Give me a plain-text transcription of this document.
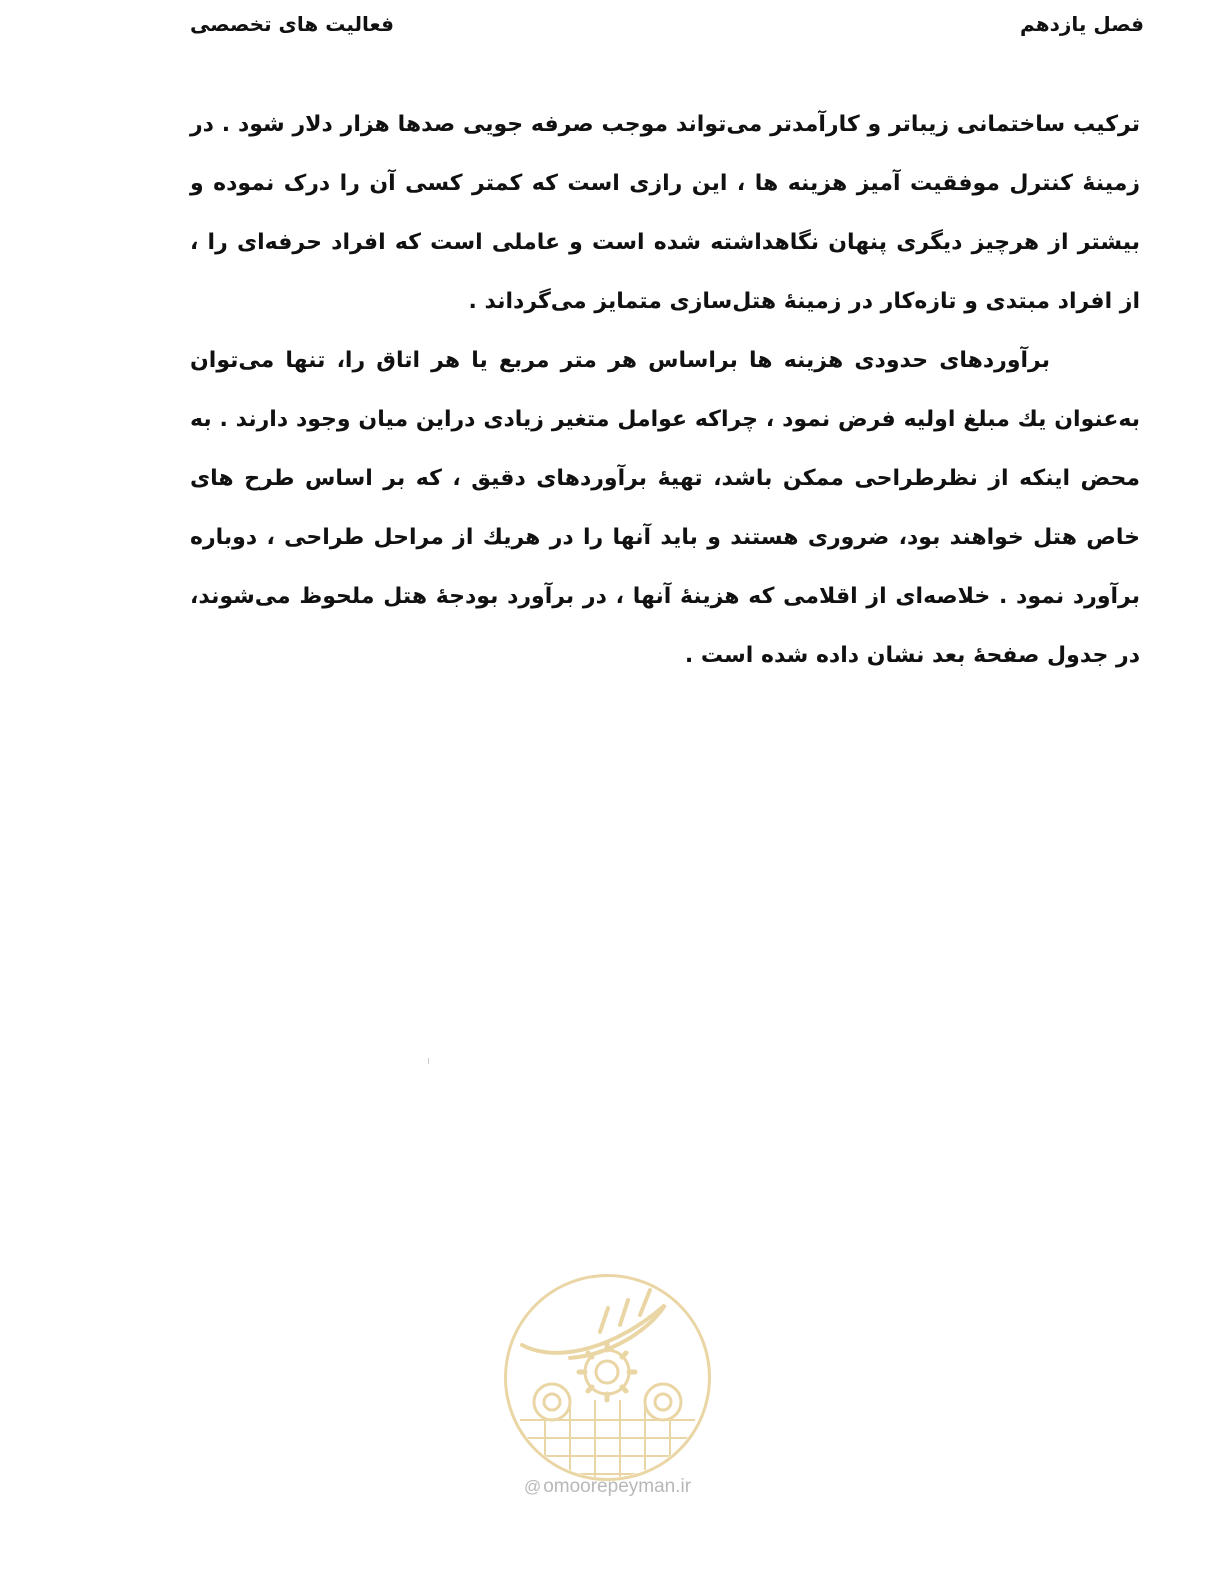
فصل یازدهم
فعالیت های تخصصی

ترکیب ساختمانی زیباتر و کارآمدتر می‌تواند موجب صرفه جویی صدها هزار دلار شود . در زمینهٔ کنترل موفقیت آمیز هزینه ها ، این رازی است که کمتر کسی آن را درک نموده و بیشتر از هرچیز دیگری پنهان نگاهداشته شده است و عاملی است که افراد حرفه‌ای را ، از افراد مبتدی و تازه‌کار در زمینهٔ هتل‌سازی متمایز می‌گرداند .

برآوردهای حدودی هزینه ها براساس هر متر مربع یا هر اتاق را، تنها می‌توان به‌عنوان یك مبلغ اولیه فرض نمود ، چراکه عوامل متغیر زیادی دراین میان وجود دارند . به محض اینکه از نظرطراحی ممکن باشد، تهیهٔ برآوردهای دقیق ، که بر اساس طرح های خاص هتل خواهند بود، ضروری هستند و باید آنها را در هریك از مراحل طراحی ، دوباره برآورد نمود . خلاصه‌ای از اقلامی که هزینهٔ آنها ، در برآورد بودجهٔ هتل ملحوظ می‌شوند، در جدول صفحهٔ بعد نشان داده شده است .

@ omoorepeyman.ir
